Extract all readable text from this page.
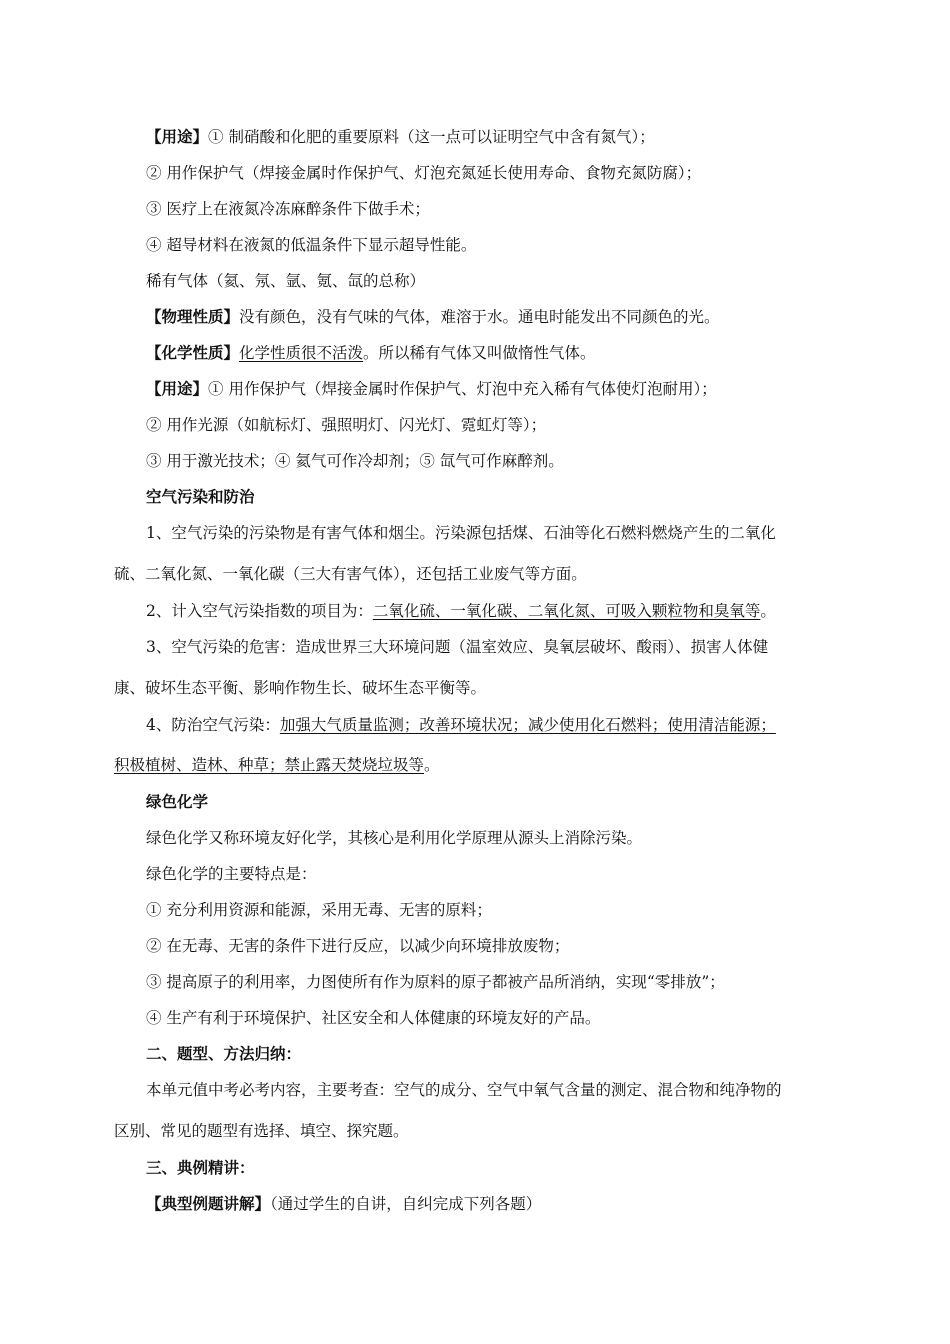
【用途】① 制硝酸和化肥的重要原料（这一点可以证明空气中含有氮气）；
② 用作保护气（焊接金属时作保护气、灯泡充氮延长使用寿命、食物充氮防腐）；
③ 医疗上在液氮冷冻麻醉条件下做手术；
④ 超导材料在液氮的低温条件下显示超导性能。
稀有气体（氦、氖、氩、氪、氙的总称）
【物理性质】没有颜色，没有气味的气体，难溶于水。通电时能发出不同颜色的光。
【化学性质】化学性质很不活泼。所以稀有气体又叫做惰性气体。
【用途】① 用作保护气（焊接金属时作保护气、灯泡中充入稀有气体使灯泡耐用）；
② 用作光源（如航标灯、强照明灯、闪光灯、霓虹灯等）；
③ 用于激光技术；④ 氦气可作冷却剂；⑤ 氙气可作麻醉剂。
空气污染和防治
1、空气污染的污染物是有害气体和烟尘。污染源包括煤、石油等化石燃料燃烧产生的二氧化
硫、二氧化氮、一氧化碳（三大有害气体），还包括工业废气等方面。
2、计入空气污染指数的项目为：二氧化硫、一氧化碳、二氧化氮、可吸入颗粒物和臭氧等。
3、空气污染的危害：造成世界三大环境问题（温室效应、臭氧层破坏、酸雨）、损害人体健
康、破坏生态平衡、影响作物生长、破坏生态平衡等。
4、防治空气污染：加强大气质量监测；改善环境状况；减少使用化石燃料；使用清洁能源；
积极植树、造林、种草；禁止露天焚烧垃圾等。
绿色化学
绿色化学又称环境友好化学，其核心是利用化学原理从源头上消除污染。
绿色化学的主要特点是：
① 充分利用资源和能源，采用无毒、无害的原料；
② 在无毒、无害的条件下进行反应，以减少向环境排放废物；
③ 提高原子的利用率，力图使所有作为原料的原子都被产品所消纳，实现“零排放”；
④ 生产有利于环境保护、社区安全和人体健康的环境友好的产品。
二、题型、方法归纳：
本单元值中考必考内容，主要考查：空气的成分、空气中氧气含量的测定、混合物和纯净物的
区别、常见的题型有选择、填空、探究题。
三、典例精讲：
【典型例题讲解】（通过学生的自讲，自纠完成下列各题）
